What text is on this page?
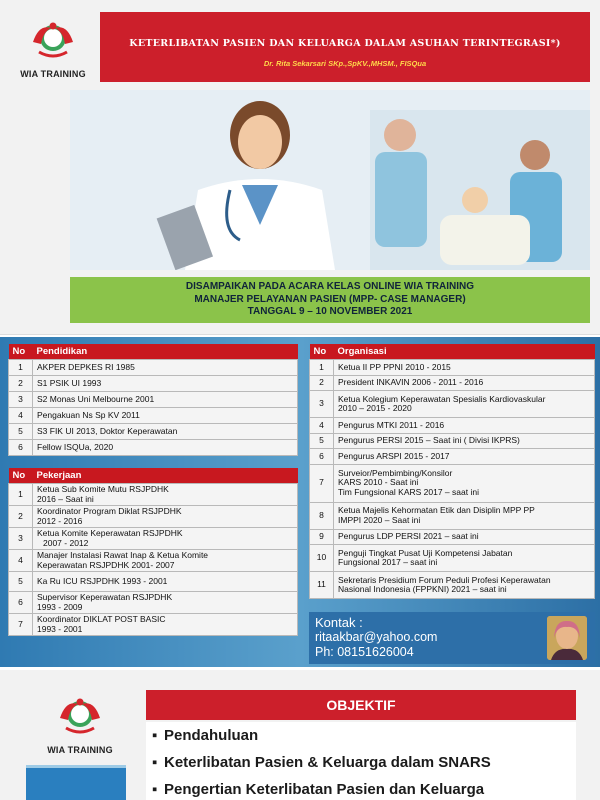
WIA TRAINING
KETERLIBATAN PASIEN DAN KELUARGA DALAM ASUHAN TERINTEGRASI*)
Dr. Rita Sekarsari SKp.,SpKV.,MHSM., FISQua
DISAMPAIKAN PADA ACARA KELAS ONLINE WIA TRAINING
MANAJER PELAYANAN PASIEN (MPP- CASE MANAGER)
TANGGAL 9 – 10 NOVEMBER 2021
No	Pendidikan
1	AKPER DEPKES RI 1985
2	S1 PSIK UI 1993
3	S2 Monas Uni Melbourne 2001
4	Pengakuan Ns Sp KV 2011
5	S3 FIK UI 2013, Doktor Keperawatan
6	Fellow ISQUa, 2020
No	Pekerjaan
1	Ketua Sub Komite Mutu RSJPDHK
2016 – Saat ini

2	Koordinator Program Diklat RSJPDHK
2012 - 2016

3	Ketua Komite Keperawatan RSJPDHK
2007 - 2012

4	Manajer Instalasi Rawat Inap & Ketua Komite
Keperawatan RSJPDHK 2001- 2007

5	Ka Ru ICU RSJPDHK 1993 - 2001

6	Supervisor Keperawatan RSJPDHK
1993 - 2009

7	Koordinator DIKLAT POST BASIC
1993 - 2001
No	Organisasi
1	Ketua II PP PPNI 2010 - 2015

2	President INKAVIN 2006 - 2011 - 2016

3	Ketua Kolegium Keperawatan Spesialis Kardiovaskular
2010 – 2015 - 2020

4	Pengurus MTKI 2011 - 2016

5	Pengurus PERSI 2015 – Saat ini ( Divisi IKPRS)

6	Pengurus ARSPI 2015 - 2017

7	Surveior/Pembimbing/Konsilor
KARS 2010 - Saat ini
Tim Fungsional KARS 2017 – saat ini

8	Ketua Majelis Kehormatan Etik dan Disiplin MPP PP
IMPPI 2020 – Saat ini

9	Pengurus LDP PERSI 2021 – saat ini

10	Penguji Tingkat Pusat Uji Kompetensi Jabatan
Fungsional 2017 – saat ini

11	Sekretaris Presidium Forum Peduli Profesi Keperawatan
Nasional Indonesia (FPPKNI) 2021 – saat ini
Kontak :
ritaakbar@yahoo.com
Ph: 08151626004
WIA TRAINING
OBJEKTIF
▪ Pendahuluan
▪ Keterlibatan Pasien & Keluarga dalam SNARS
▪ Pengertian Keterlibatan Pasien dan Keluarga
